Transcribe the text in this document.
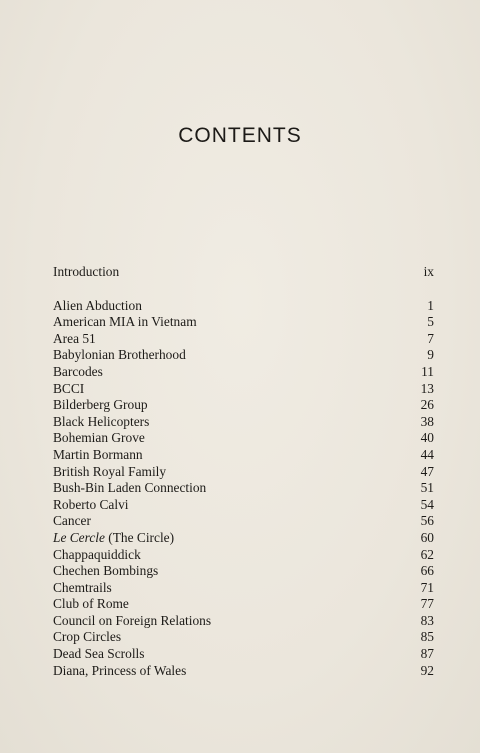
CONTENTS
Introduction	ix
Alien Abduction	1
American MIA in Vietnam	5
Area 51	7
Babylonian Brotherhood	9
Barcodes	11
BCCI	13
Bilderberg Group	26
Black Helicopters	38
Bohemian Grove	40
Martin Bormann	44
British Royal Family	47
Bush-Bin Laden Connection	51
Roberto Calvi	54
Cancer	56
Le Cercle (The Circle)	60
Chappaquiddick	62
Chechen Bombings	66
Chemtrails	71
Club of Rome	77
Council on Foreign Relations	83
Crop Circles	85
Dead Sea Scrolls	87
Diana, Princess of Wales	92
